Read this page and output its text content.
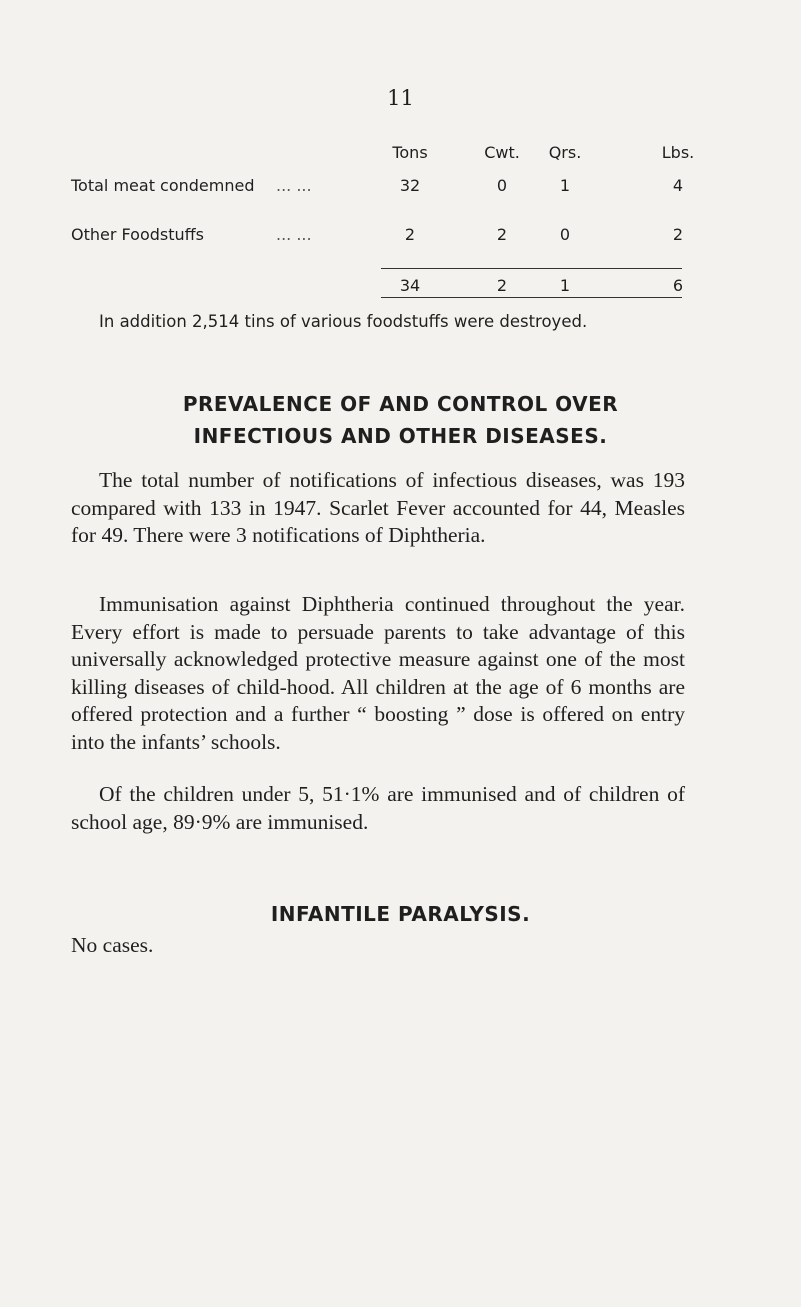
11
Tons	Cwt.	Qrs.	Lbs.
Total meat condemned ... ...	32	0	1	4
Other Foodstuffs	... ...	2	2	0	2
34	2	1	6
In addition 2,514 tins of various foodstuffs were destroyed.
PREVALENCE OF AND CONTROL OVER
INFECTIOUS AND OTHER DISEASES.

The total number of notifications of infectious diseases, was 193 compared with 133 in 1947. Scarlet Fever accounted for 44, Measles for 49. There were 3 notifications of Diphtheria.

Immunisation against Diphtheria continued throughout the year. Every effort is made to persuade parents to take advantage of this universally acknowledged protective measure against one of the most killing diseases of child-hood. All children at the age of 6 months are offered protection and a further “ boosting ” dose is offered on entry into the infants’ schools.

Of the children under 5, 51·1% are immunised and of children of school age, 89·9% are immunised.

INFANTILE PARALYSIS.

No cases.
